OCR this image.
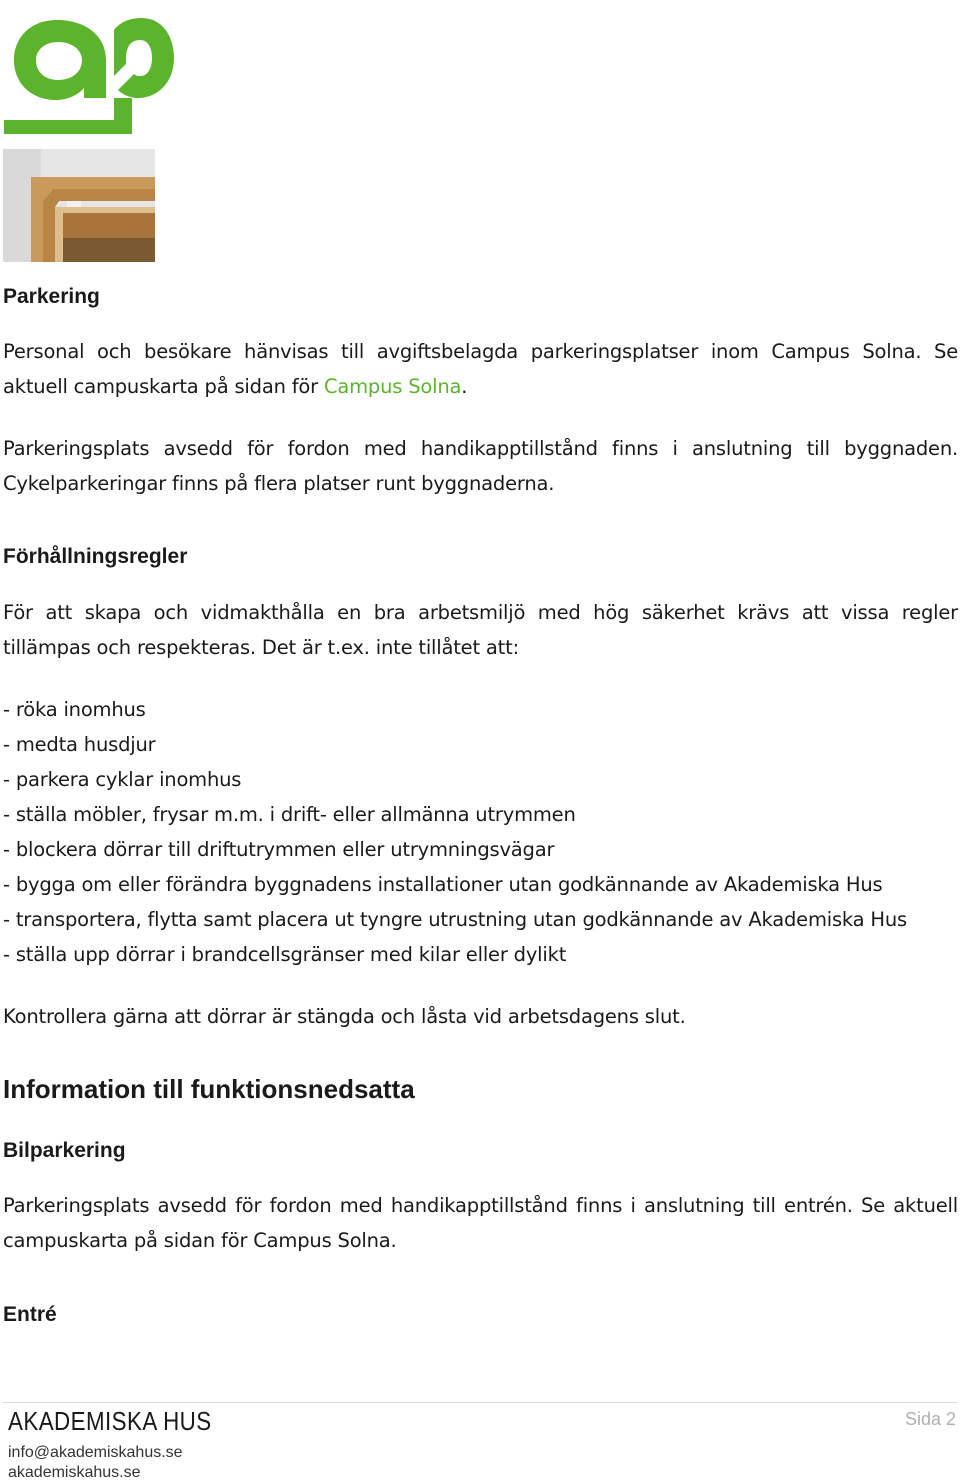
Parkering

Personal och besökare hänvisas till avgiftsbelagda parkeringsplatser inom Campus Solna. Se aktuell campuskarta på sidan för Campus Solna.

Parkeringsplats avsedd för fordon med handikapptillstånd finns i anslutning till byggnaden. Cykelparkeringar finns på flera platser runt byggnaderna.

Förhållningsregler

För att skapa och vidmakthålla en bra arbetsmiljö med hög säkerhet krävs att vissa regler tillämpas och respekteras. Det är t.ex. inte tillåtet att:

- röka inomhus
- medta husdjur
- parkera cyklar inomhus
- ställa möbler, frysar m.m. i drift- eller allmänna utrymmen
- blockera dörrar till driftutrymmen eller utrymningsvägar
- bygga om eller förändra byggnadens installationer utan godkännande av Akademiska Hus
- transportera, flytta samt placera ut tyngre utrustning utan godkännande av Akademiska Hus
- ställa upp dörrar i brandcellsgränser med kilar eller dylikt

Kontrollera gärna att dörrar är stängda och låsta vid arbetsdagens slut.

Information till funktionsnedsatta
Bilparkering

Parkeringsplats avsedd för fordon med handikapptillstånd finns i anslutning till entrén. Se aktuell campuskarta på sidan för Campus Solna.

Entré
AKADEMISKA HUS
info@akademiskahus.se
akademiskahus.se
Sida 2
